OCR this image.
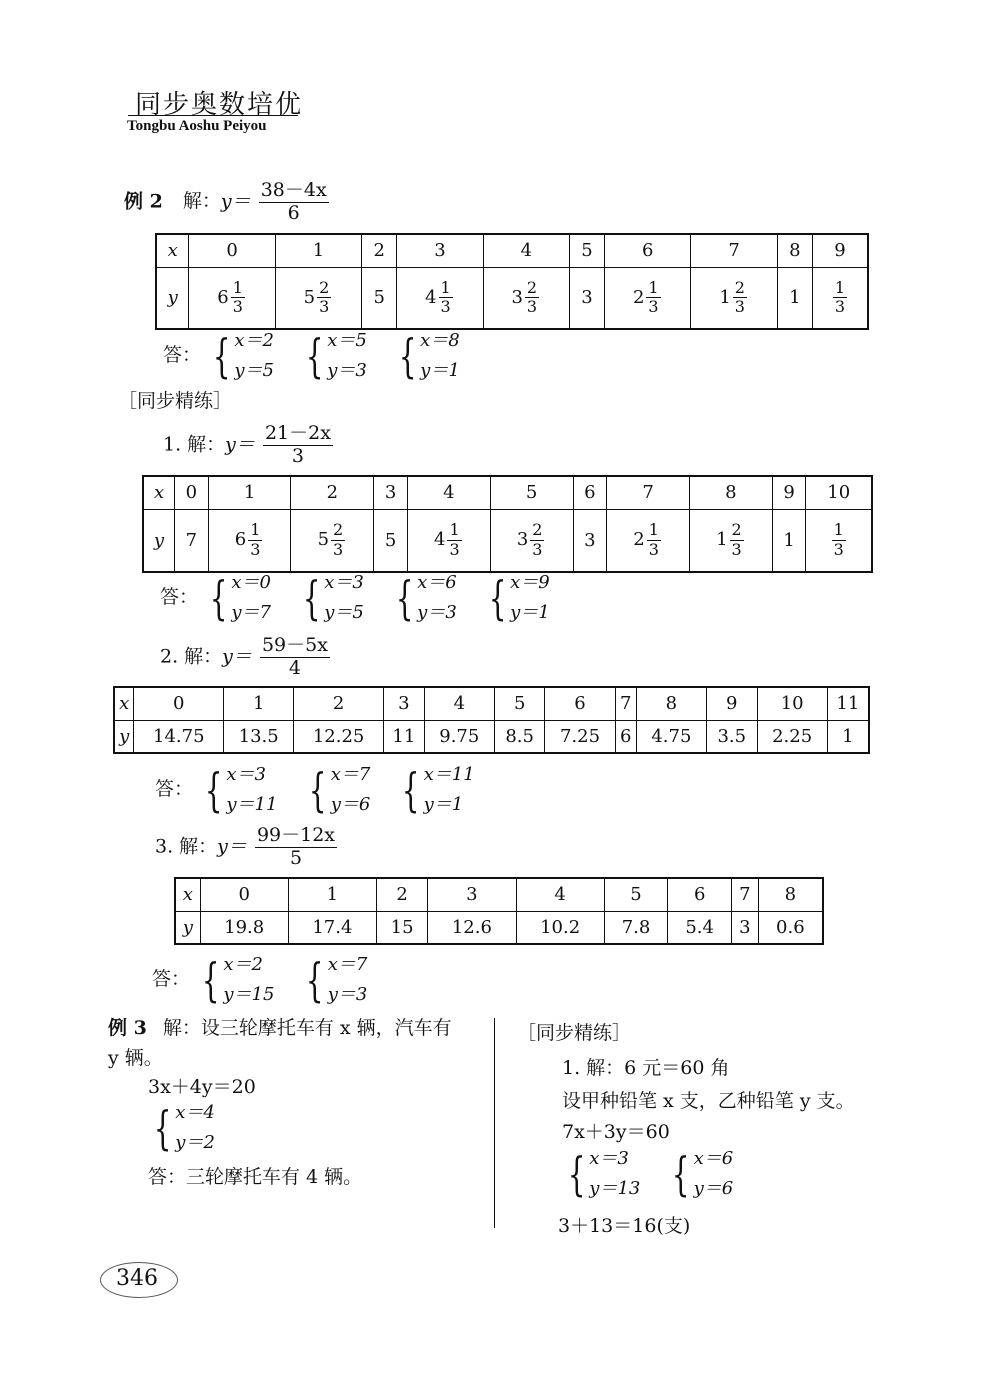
同步奥数培优
Tongbu Aoshu Peiyou
例 2 解：$y= \frac{38-4x}{6}$
x	0	1	2	3	4	5	6	7	8	9
y	$6 \frac{1}{3}$	$5 \frac{2}{3}$	5	$4 \frac{1}{3}$	$3 \frac{2}{3}$	3	$2 \frac{1}{3}$	$1 \frac{2}{3}$	1	$\frac{1}{3}$
答： { x＝2
y＝5 { x＝5
y＝3 { x＝8
y＝1
［同步精练］
1. 解：$y= \frac{21-2x}{3}$
x	0	1	2	3	4	5	6	7	8	9	10
y	7	$6 \frac{1}{3}$	$5 \frac{2}{3}$	5	$4 \frac{1}{3}$	$3 \frac{2}{3}$	3	$2 \frac{1}{3}$	$1 \frac{2}{3}$	1	$\frac{1}{3}$
答： { x＝0
y＝7 { x＝3
y＝5 { x＝6
y＝3 { x＝9
y＝1
2. 解：$y= \frac{59-5x}{4}$
x	0	1	2	3	4	5	6	7	8	9	10	11
y	14.75	13.5	12.25	11	9.75	8.5	7.25	6	4.75	3.5	2.25	1
答： { x＝3
y＝11 { x＝7
y＝6 { x＝11
y＝1
3. 解：$y= \frac{99-12x}{5}$
x	0	1	2	3	4	5	6	7	8
y	19.8	17.4	15	12.6	10.2	7.8	5.4	3	0.6
答： { x＝2
y＝15 { x＝7
y＝3
例 3 解：设三轮摩托车有 x 辆，汽车有
y 辆。
3x＋4y＝20
{ x＝4
y＝2
答：三轮摩托车有 4 辆。
［同步精练］
1. 解：6 元＝60 角
设甲种铅笔 x 支，乙种铅笔 y 支。
7x＋3y＝60
{ x＝3
y＝13 { x＝6
y＝6
3＋13＝16(支)
346
